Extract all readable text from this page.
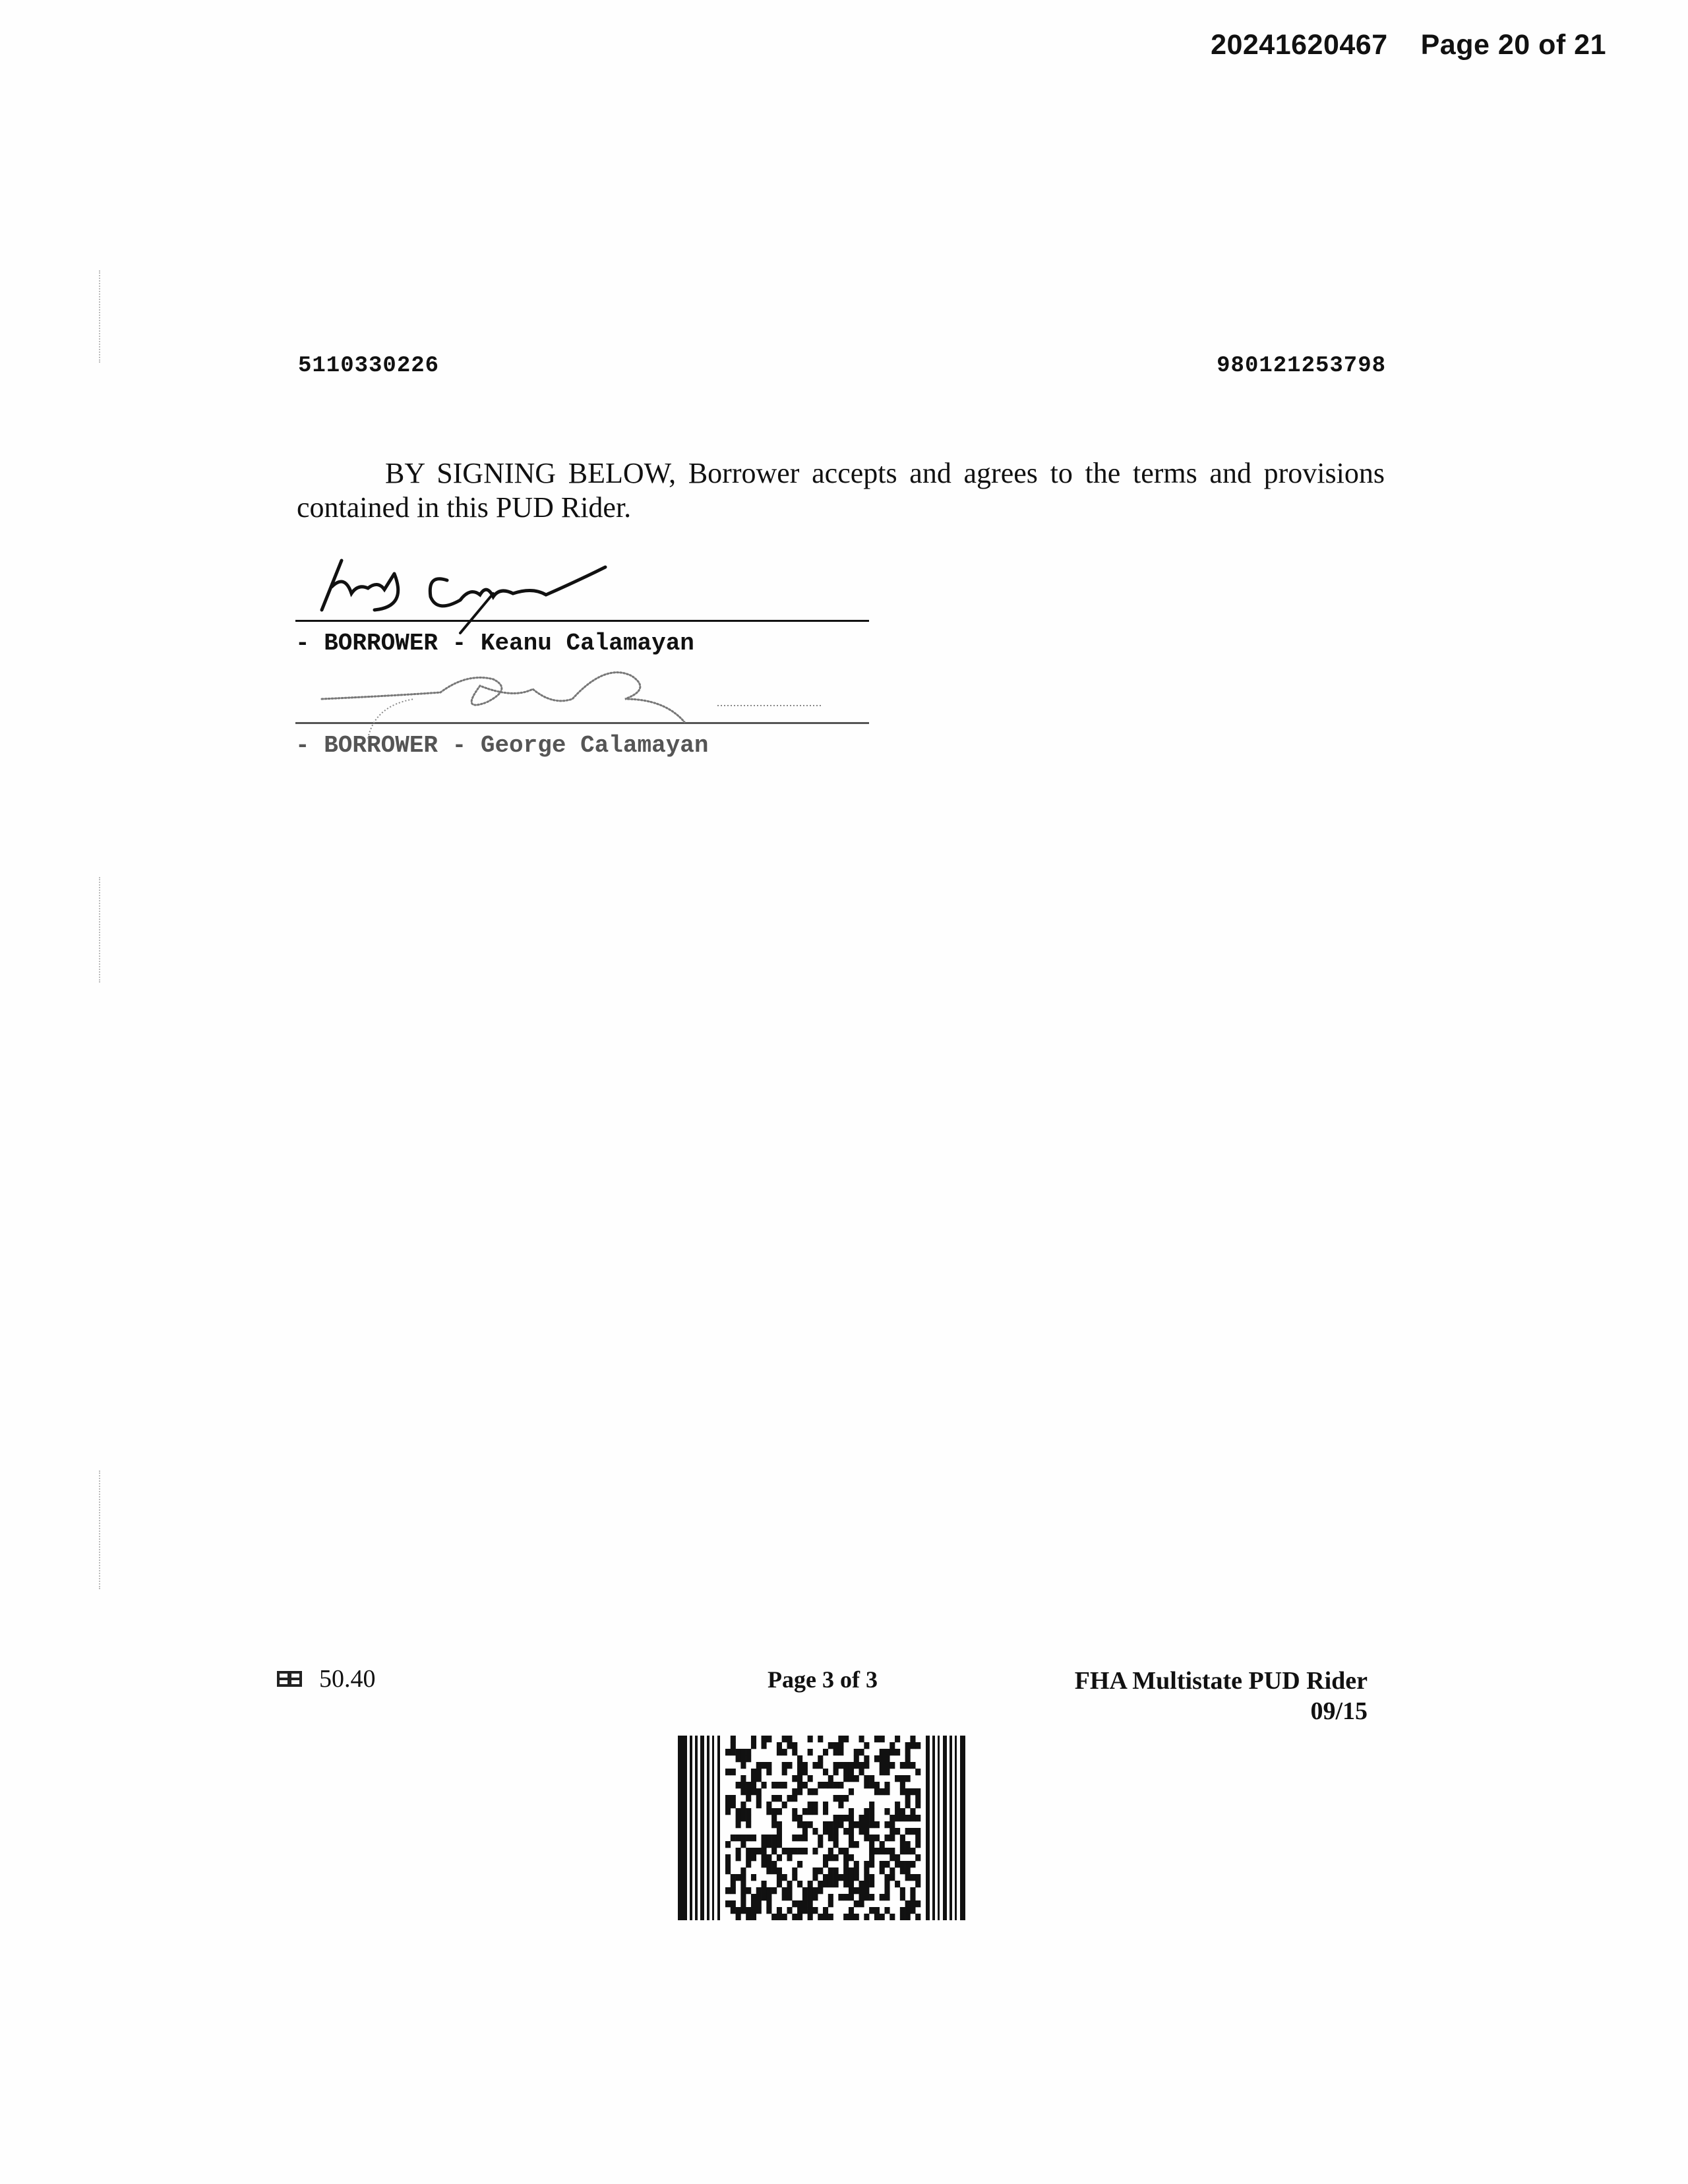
20241620467 Page 20 of 21
5110330226	980121253798
BY SIGNING BELOW, Borrower accepts and agrees to the terms and provisions contained in this PUD Rider.
- BORROWER - Keanu Calamayan
- BORROWER - George Calamayan
50.40	Page 3 of 3	FHA Multistate PUD Rider
09/15
